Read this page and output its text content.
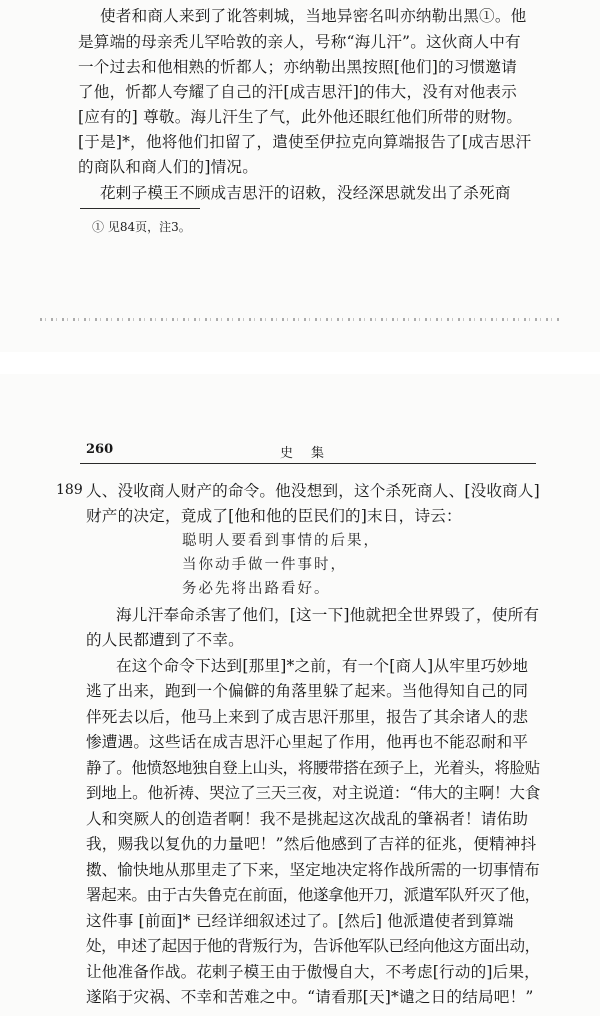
使者和商人来到了讹答剌城，当地异密名叫亦纳勒出黑①。他
是算端的母亲秃儿罕哈敦的亲人，号称“海儿汗”。这伙商人中有
一个过去和他相熟的忻都人；亦纳勒出黑按照[他们]的习惯邀请
了他，忻都人夸耀了自己的汗[成吉思汗]的伟大，没有对他表示
[应有的] 尊敬。海儿汗生了气，此外他还眼红他们所带的财物。
[于是]*，他将他们扣留了，遣使至伊拉克向算端报告了[成吉思汗
的商队和商人们的]情况。
花剌子模王不顾成吉思汗的诏敕，没经深思就发出了杀死商
① 见84页，注3。
260	史集
189 人、没收商人财产的命令。他没想到，这个杀死商人、[没收商人]
财产的决定，竟成了[他和他的臣民们的]末日，诗云：
聪明人要看到事情的后果，
当你动手做一件事时，
务必先将出路看好。
海儿汗奉命杀害了他们，[这一下]他就把全世界毁了，使所有
的人民都遭到了不幸。
在这个命令下达到[那里]*之前，有一个[商人]从牢里巧妙地
逃了出来，跑到一个偏僻的角落里躲了起来。当他得知自己的同
伴死去以后，他马上来到了成吉思汗那里，报告了其余诸人的悲
惨遭遇。这些话在成吉思汗心里起了作用，他再也不能忍耐和平
静了。他愤怒地独自登上山头，将腰带搭在颈子上，光着头，将脸贴
到地上。他祈祷、哭泣了三天三夜，对主说道：“伟大的主啊！大食
人和突厥人的创造者啊！我不是挑起这次战乱的肇祸者！请佑助
我，赐我以复仇的力量吧！”然后他感到了吉祥的征兆，便精神抖
擞、愉快地从那里走了下来，坚定地决定将作战所需的一切事情布
署起来。由于古失鲁克在前面，他遂拿他开刀，派遣军队歼灭了他，
这件事 [前面]* 已经详细叙述过了。[然后] 他派遣使者到算端
处，申述了起因于他的背叛行为，告诉他军队已经向他这方面出动，
让他准备作战。花剌子模王由于傲慢自大，不考虑[行动的]后果，
遂陷于灾祸、不幸和苦难之中。“请看那[天]*谴之日的结局吧！”
